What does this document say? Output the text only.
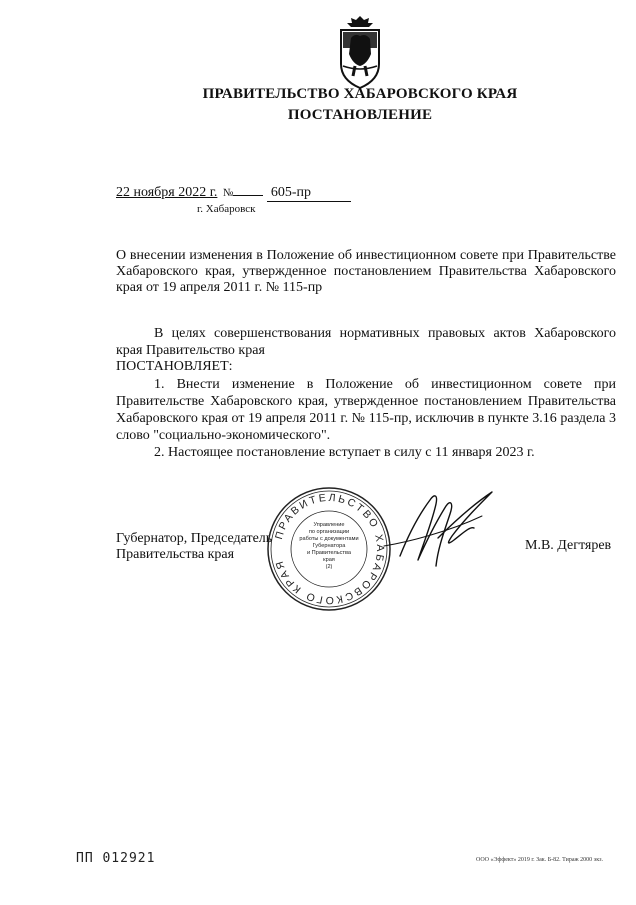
ПРАВИТЕЛЬСТВО ХАБАРОВСКОГО КРАЯ
ПОСТАНОВЛЕНИЕ
22 ноября 2022 г. №	605-пр
г. Хабаровск
О внесении изменения в Положение об инвестиционном совете при Правительстве Хабаровского края, утвержденное постановлением Правительства Хабаровского края от 19 апреля 2011 г. № 115-пр
В целях совершенствования нормативных правовых актов Хабаровского края Правительство края
ПОСТАНОВЛЯЕТ:
1. Внести изменение в Положение об инвестиционном совете при Правительстве Хабаровского края, утвержденное постановлением Правительства Хабаровского края от 19 апреля 2011 г. № 115-пр, исключив в пункте 3.16 раздела 3 слово "социально-экономического".
2. Настоящее постановление вступает в силу с 11 января 2023 г.
Губернатор, Председатель
Правительства края
ПРАВИТЕЛЬСТВО ХАБАРОВСКОГО КРАЯ
Управление
по организации
работы с документами
Губернатора
и Правительства
края
(2)
М.В. Дегтярев
ПП 012921	ООО «Эффект» 2019 г. Зак. Б-82. Тираж 2000 экз.
